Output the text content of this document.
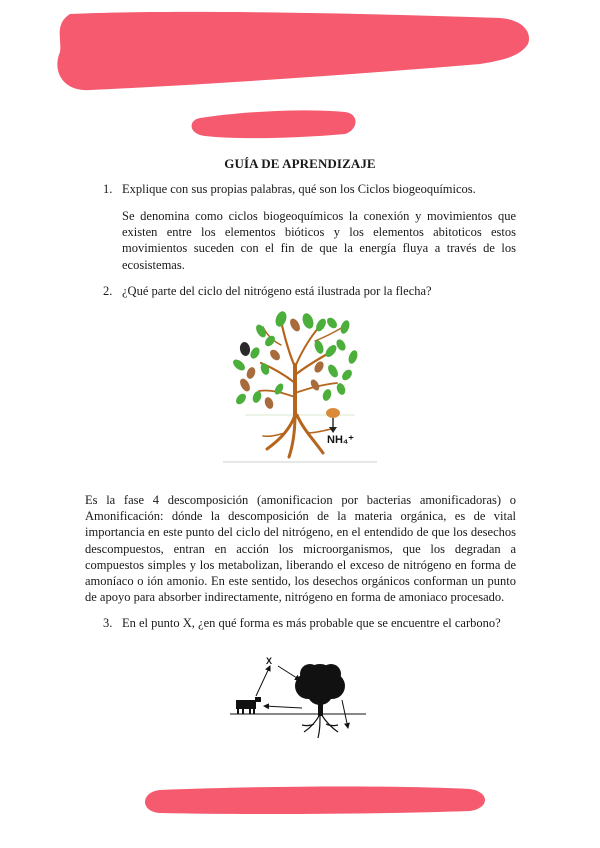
GUÍA DE APRENDIZAJE
1. Explique con sus propias palabras, qué son los Ciclos biogeoquímicos.
Se denomina como ciclos biogeoquímicos la conexión y movimientos que existen entre los elementos bióticos y los elementos abitoticos estos movimientos suceden con el fin de que la energía fluya a través de los ecosistemas.
2. ¿Qué parte del ciclo del nitrógeno está ilustrada por la flecha?
NH₄⁺
Es la fase 4 descomposición (amonificacion por bacterias amonificadoras) o Amonificación: dónde la descomposición de la materia orgánica, es de vital importancia en este punto del ciclo del nitrógeno, en el entendido de que los desechos descompuestos, entran en acción los microorganismos, que los degradan a compuestos simples y los metabolizan, liberando el exceso de nitrógeno en forma de amoníaco o ión amonio. En este sentido, los desechos orgánicos conforman un punto de apoyo para absorber indirectamente, nitrógeno en forma de amoniaco procesado.
3. En el punto X, ¿en qué forma es más probable que se encuentre el carbono?
X
